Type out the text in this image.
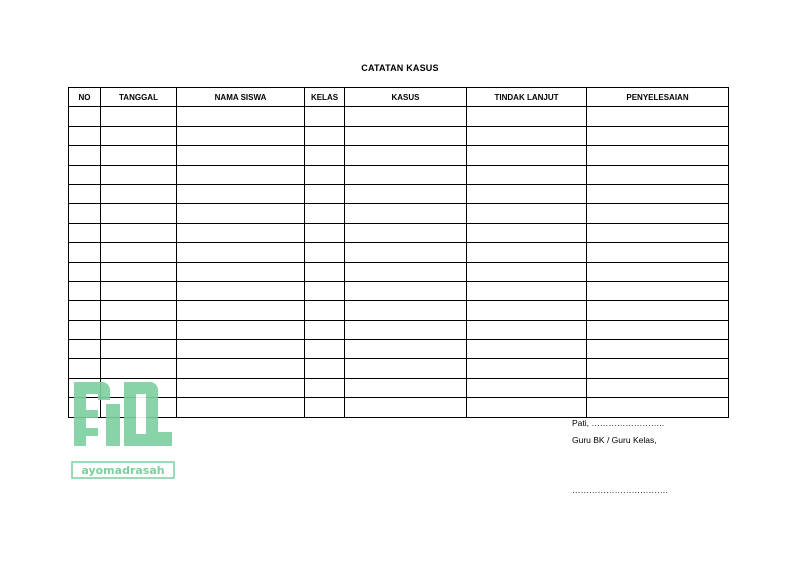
CATATAN KASUS
NO	TANGGAL	NAMA SISWA	KELAS	KASUS	TINDAK LANJUT	PENYELESAIAN

Pati, ……………………..
Guru BK / Guru Kelas,
…………………………….
ayomadrasah
